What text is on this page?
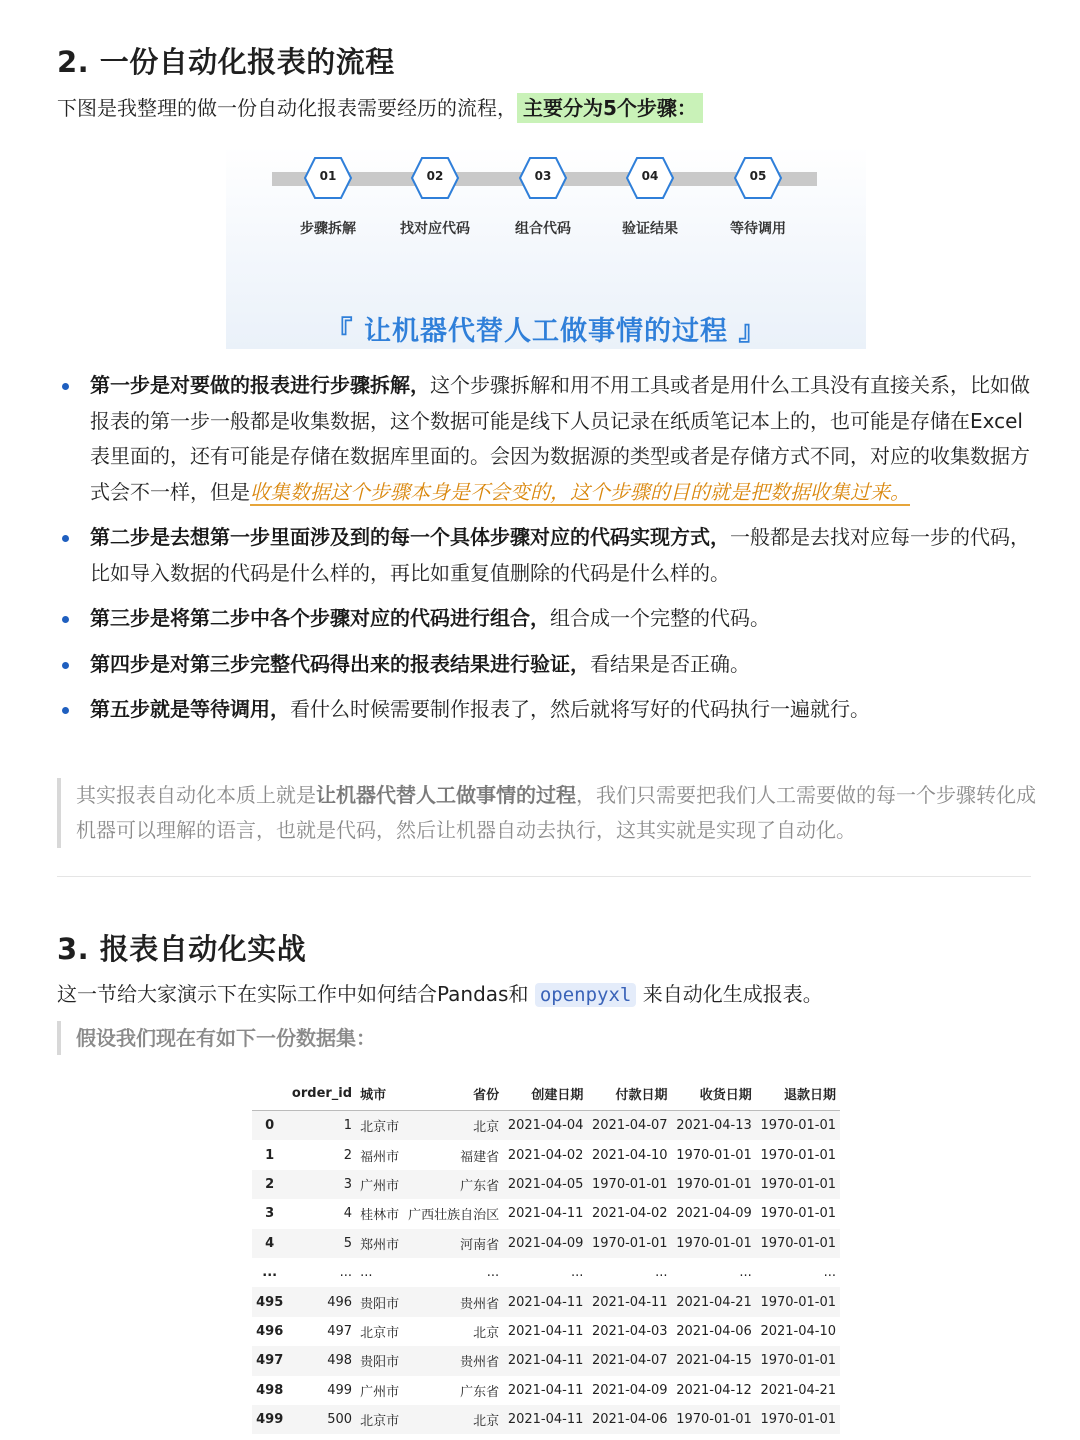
2. 一份自动化报表的流程

下图是我整理的做一份自动化报表需要经历的流程， 主要分为5个步骤：

01	02	03	04	05
步骤拆解	找对应代码	组合代码	验证结果	等待调用
『 让机器代替人工做事情的过程 』
第一步是对要做的报表进行步骤拆解，这个步骤拆解和用不用工具或者是用什么工具没有直接关系，比如做报表的第一步一般都是收集数据，这个数据可能是线下人员记录在纸质笔记本上的，也可能是存储在Excel表里面的，还有可能是存储在数据库里面的。会因为数据源的类型或者是存储方式不同，对应的收集数据方式会不一样，但是收集数据这个步骤本身是不会变的，这个步骤的目的就是把数据收集过来。
第二步是去想第一步里面涉及到的每一个具体步骤对应的代码实现方式，一般都是去找对应每一步的代码，比如导入数据的代码是什么样的，再比如重复值删除的代码是什么样的。
第三步是将第二步中各个步骤对应的代码进行组合，组合成一个完整的代码。
第四步是对第三步完整代码得出来的报表结果进行验证，看结果是否正确。
第五步就是等待调用，看什么时候需要制作报表了，然后就将写好的代码执行一遍就行。
其实报表自动化本质上就是让机器代替人工做事情的过程，我们只需要把我们人工需要做的每一个步骤转化成机器可以理解的语言，也就是代码，然后让机器自动去执行，这其实就是实现了自动化。
3. 报表自动化实战

这一节给大家演示下在实际工作中如何结合Pandas和 openpyxl 来自动化生成报表。

假设我们现在有如下一份数据集：
	order_id	城市	省份	创建日期	付款日期	收货日期	退款日期
0	1	北京市	北京	2021-04-04	2021-04-07	2021-04-13	1970-01-01
1	2	福州市	福建省	2021-04-02	2021-04-10	1970-01-01	1970-01-01
2	3	广州市	广东省	2021-04-05	1970-01-01	1970-01-01	1970-01-01
3	4	桂林市	广西壮族自治区	2021-04-11	2021-04-02	2021-04-09	1970-01-01
4	5	郑州市	河南省	2021-04-09	1970-01-01	1970-01-01	1970-01-01
...	...	...	...	...	...	...	...
495	496	贵阳市	贵州省	2021-04-11	2021-04-11	2021-04-21	1970-01-01
496	497	北京市	北京	2021-04-11	2021-04-03	2021-04-06	2021-04-10
497	498	贵阳市	贵州省	2021-04-11	2021-04-07	2021-04-15	1970-01-01
498	499	广州市	广东省	2021-04-11	2021-04-09	2021-04-12	2021-04-21
499	500	北京市	北京	2021-04-11	2021-04-06	1970-01-01	1970-01-01
